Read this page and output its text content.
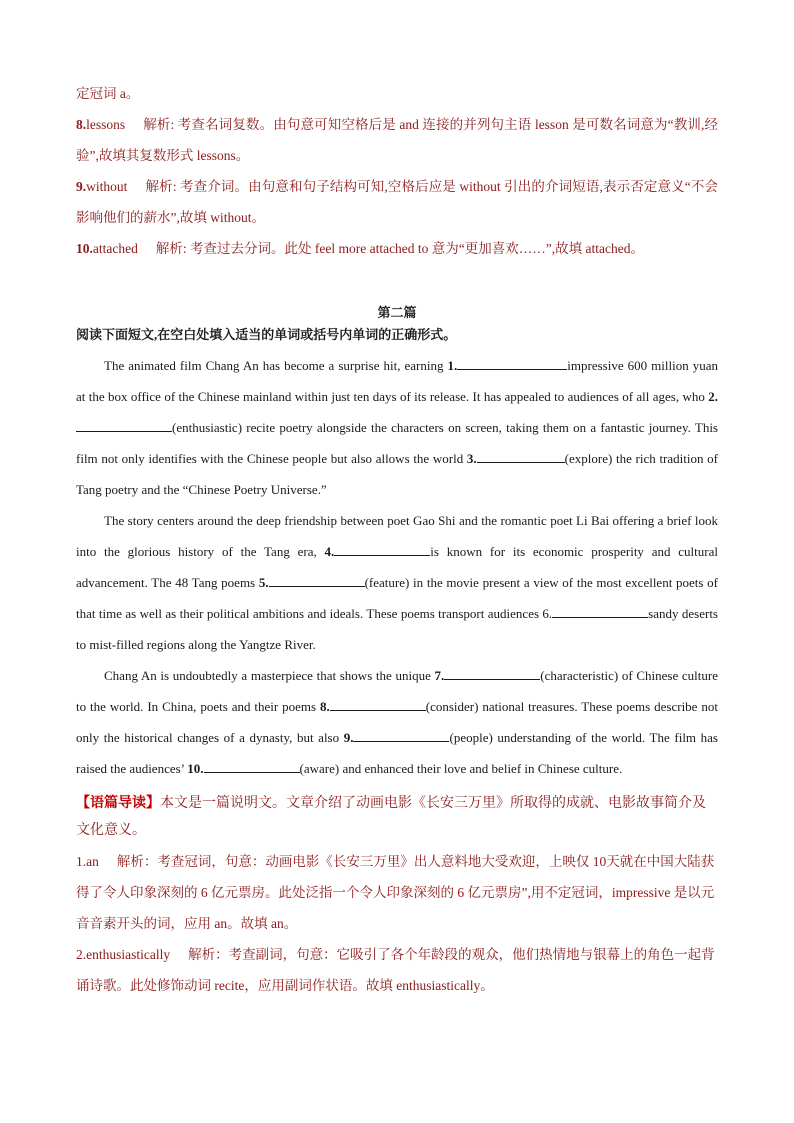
定冠词 a。

8.lessons 解析: 考查名词复数。由句意可知空格后是 and 连接的并列句主语 lesson 是可数名词意为“教训,经验”,故填其复数形式 lessons。

9.without 解析: 考查介词。由句意和句子结构可知,空格后应是 without 引出的介词短语,表示否定意义“不会影响他们的薪水”,故填 without。

10.attached 解析: 考查过去分词。此处 feel more attached to 意为“更加喜欢……”,故填 attached。

第二篇

阅读下面短文,在空白处填入适当的单词或括号内单词的正确形式。

The animated film Chang An has become a surprise hit, earning 1.	impressive 600 million yuan at the box office of the Chinese mainland within just ten days of its release. It has appealed to audiences of all ages, who 2.(enthusiastic) recite poetry alongside the characters on screen, taking them on a fantastic journey. This film not only identifies with the Chinese people but also allows the world 3.	(explore) the rich tradition of Tang poetry and the “Chinese Poetry Universe.”

The story centers around the deep friendship between poet Gao Shi and the romantic poet Li Bai offering a brief look into the glorious history of the Tang era, 4.	is known for its economic prosperity and cultural advancement. The 48 Tang poems 5.	(feature) in the movie present a view of the most excellent poets of that time as well as their political ambitions and ideals. These poems transport audiences 6.	sandy deserts to mist-filled regions along the Yangtze River.

Chang An is undoubtedly a masterpiece that shows the unique 7.	(characteristic) of Chinese culture to the world. In China, poets and their poems 8.	(consider) national treasures. These poems describe not only the historical changes of a dynasty, but also 9.	(people) understanding of the world. The film has raised the audiences’ 10.	(aware) and enhanced their love and belief in Chinese culture.

【语篇导读】本文是一篇说明文。文章介绍了动画电影《长安三万里》所取得的成就、电影故事简介及文化意义。

1.an 解析：考查冠词，句意：动画电影《长安三万里》出人意料地大受欢迎，上映仅 10天就在中国大陆获得了令人印象深刻的 6 亿元票房。此处泛指一个令人印象深刻的 6 亿元票房”,用不定冠词，impressive 是以元音音素开头的词，应用 an。故填 an。

2.enthusiastically 解析：考查副词，句意：它吸引了各个年龄段的观众，他们热情地与银幕上的角色一起背诵诗歌。此处修饰动词 recite，应用副词作状语。故填 enthusiastically。
